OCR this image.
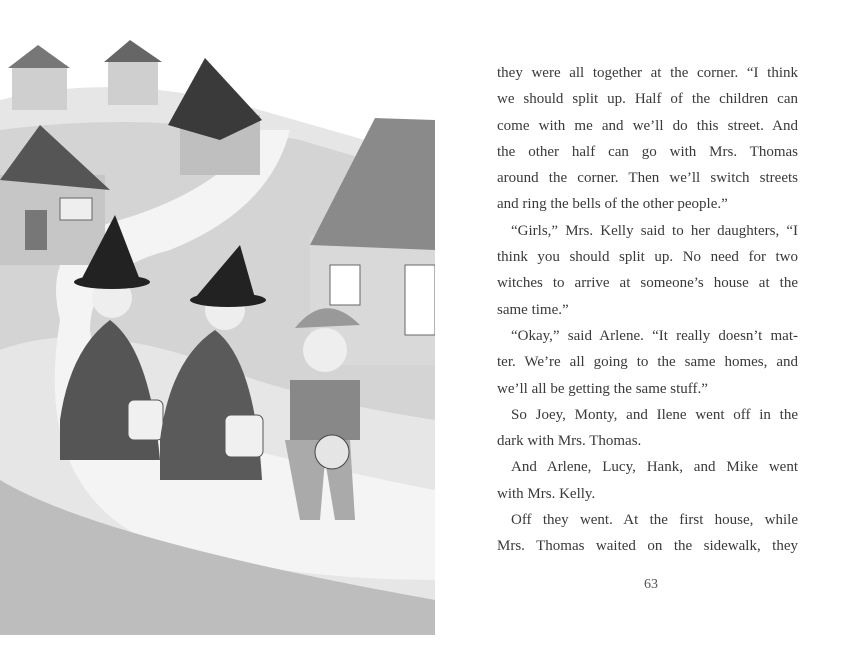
they were all together at the corner. “I think
we should split up. Half of the children can
come with me and we’ll do this street. And
the other half can go with Mrs. Thomas
around the corner. Then we’ll switch streets
and ring the bells of the other people.”
“Girls,” Mrs. Kelly said to her daughters, “I
think you should split up. No need for two
witches to arrive at someone’s house at the
same time.”
“Okay,” said Arlene. “It really doesn’t mat-
ter. We’re all going to the same homes, and
we’ll all be getting the same stuff.”
So Joey, Monty, and Ilene went off in the
dark with Mrs. Thomas.
And Arlene, Lucy, Hank, and Mike went
with Mrs. Kelly.
Off they went. At the first house, while
Mrs. Thomas waited on the sidewalk, they
63
